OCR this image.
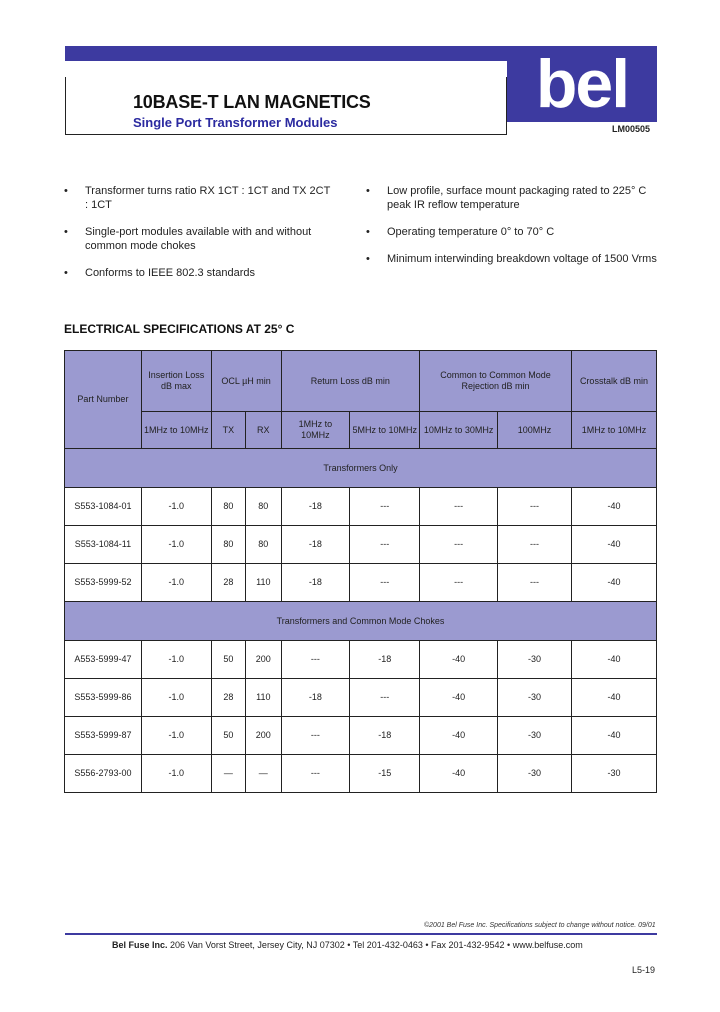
10BASE-T LAN MAGNETICS
Single Port Transformer Modules
bel
LM00505
• Transformer turns ratio RX 1CT : 1CT and TX 2CT : 1CT
• Single-port modules available with and without common mode chokes
• Conforms to IEEE 802.3 standards
• Low profile, surface mount packaging rated to 225° C peak IR reflow temperature
• Operating temperature 0° to 70° C
• Minimum interwinding breakdown voltage of 1500 Vrms
ELECTRICAL SPECIFICATIONS AT 25° C
Part Number	Insertion Loss dB max	OCL µH min		Return Loss dB min		Common to Common Mode Rejection dB min		Crosstalk dB min
	1MHz to 10MHz	TX	RX	1MHz to 10MHz	5MHz to 10MHz	10MHz to 30MHz	100MHz	1MHz to 10MHz
Transformers Only								
S553-1084-01	-1.0	80	80	-18	---	---	---	-40
S553-1084-11	-1.0	80	80	-18	---	---	---	-40
S553-5999-52	-1.0	28	110	-18	---	---	---	-40
Transformers and Common Mode Chokes								
A553-5999-47	-1.0	50	200	---	-18	-40	-30	-40
S553-5999-86	-1.0	28	110	-18	---	-40	-30	-40
S553-5999-87	-1.0	50	200	---	-18	-40	-30	-40
S556-2793-00	-1.0	—	—	---	-15	-40	-30	-30
©2001 Bel Fuse Inc. Specifications subject to change without notice. 09/01
Bel Fuse Inc. 206 Van Vorst Street, Jersey City, NJ 07302 • Tel 201-432-0463 • Fax 201-432-9542 • www.belfuse.com
L5-19
